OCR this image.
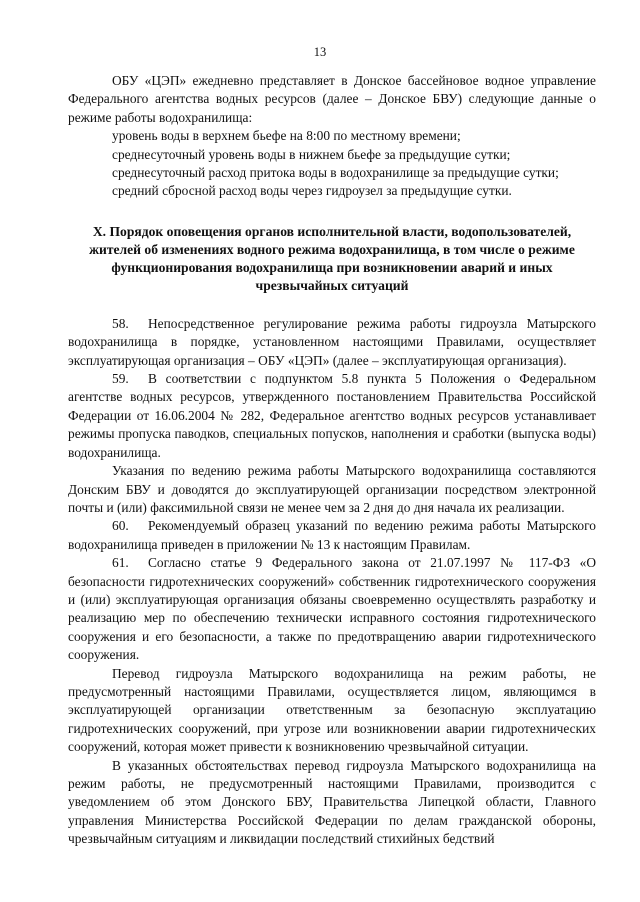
13

ОБУ «ЦЭП» ежедневно представляет в Донское бассейновое водное управление Федерального агентства водных ресурсов (далее – Донское БВУ) следующие данные о режиме работы водохранилища:

уровень воды в верхнем бьефе на 8:00 по местному времени;

среднесуточный уровень воды в нижнем бьефе за предыдущие сутки;

среднесуточный расход притока воды в водохранилище за предыдущие сутки;

средний сбросной расход воды через гидроузел за предыдущие сутки.

X. Порядок оповещения органов исполнительной власти, водопользователей, жителей об изменениях водного режима водохранилища, в том числе о режиме функционирования водохранилища при возникновении аварий и иных чрезвычайных ситуаций

58. Непосредственное регулирование режима работы гидроузла Матырского водохранилища в порядке, установленном настоящими Правилами, осуществляет эксплуатирующая организация – ОБУ «ЦЭП» (далее – эксплуатирующая организация).

59. В соответствии с подпунктом 5.8 пункта 5 Положения о Федеральном агентстве водных ресурсов, утвержденного постановлением Правительства Российской Федерации от 16.06.2004 № 282, Федеральное агентство водных ресурсов устанавливает режимы пропуска паводков, специальных попусков, наполнения и сработки (выпуска воды) водохранилища.

Указания по ведению режима работы Матырского водохранилища составляются Донским БВУ и доводятся до эксплуатирующей организации посредством электронной почты и (или) факсимильной связи не менее чем за 2 дня до дня начала их реализации.

60. Рекомендуемый образец указаний по ведению режима работы Матырского водохранилища приведен в приложении № 13 к настоящим Правилам.

61. Согласно статье 9 Федерального закона от 21.07.1997 № 117-ФЗ «О безопасности гидротехнических сооружений» собственник гидротехнического сооружения и (или) эксплуатирующая организация обязаны своевременно осуществлять разработку и реализацию мер по обеспечению технически исправного состояния гидротехнического сооружения и его безопасности, а также по предотвращению аварии гидротехнического сооружения.

Перевод гидроузла Матырского водохранилища на режим работы, не предусмотренный настоящими Правилами, осуществляется лицом, являющимся в эксплуатирующей организации ответственным за безопасную эксплуатацию гидротехнических сооружений, при угрозе или возникновении аварии гидротехнических сооружений, которая может привести к возникновению чрезвычайной ситуации.

В указанных обстоятельствах перевод гидроузла Матырского водохранилища на режим работы, не предусмотренный настоящими Правилами, производится с уведомлением об этом Донского БВУ, Правительства Липецкой области, Главного управления Министерства Российской Федерации по делам гражданской обороны, чрезвычайным ситуациям и ликвидации последствий стихийных бедствий
